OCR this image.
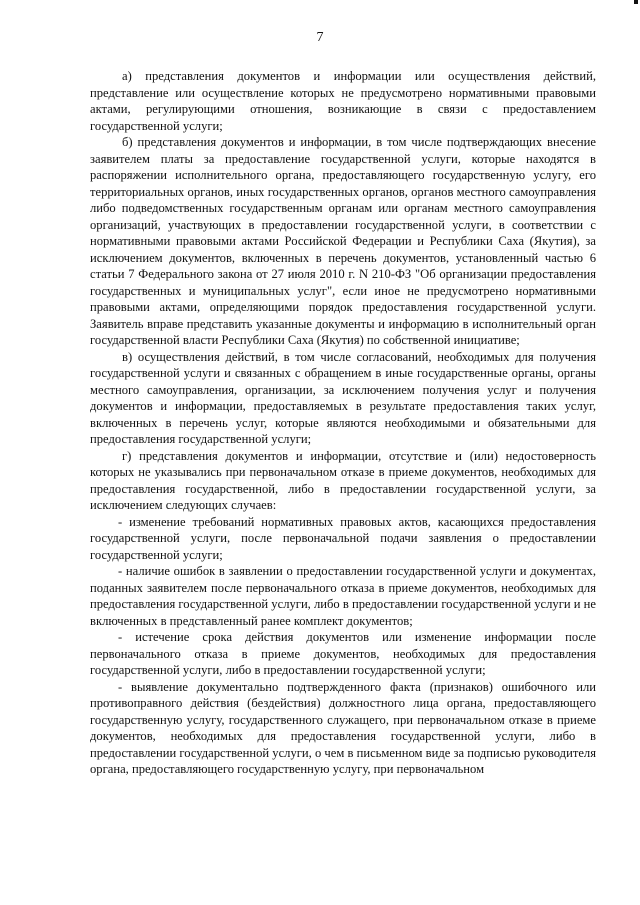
7

а) представления документов и информации или осуществления действий, представление или осуществление которых не предусмотрено нормативными правовыми актами, регулирующими отношения, возникающие в связи с предоставлением государственной услуги;

б) представления документов и информации, в том числе подтверждающих внесение заявителем платы за предоставление государственной услуги, которые находятся в распоряжении исполнительного органа, предоставляющего государственную услугу, его территориальных органов, иных государственных органов, органов местного самоуправления либо подведомственных государственным органам или органам местного самоуправления организаций, участвующих в предоставлении государственной услуги, в соответствии с нормативными правовыми актами Российской Федерации и Республики Саха (Якутия), за исключением документов, включенных в перечень документов, установленный частью 6 статьи 7 Федерального закона от 27 июля 2010 г. N 210-ФЗ "Об организации предоставления государственных и муниципальных услуг", если иное не предусмотрено нормативными правовыми актами, определяющими порядок предоставления государственной услуги. Заявитель вправе представить указанные документы и информацию в исполнительный орган государственной власти Республики Саха (Якутия) по собственной инициативе;

в) осуществления действий, в том числе согласований, необходимых для получения государственной услуги и связанных с обращением в иные государственные органы, органы местного самоуправления, организации, за исключением получения услуг и получения документов и информации, предоставляемых в результате предоставления таких услуг, включенных в перечень услуг, которые являются необходимыми и обязательными для предоставления государственной услуги;

г) представления документов и информации, отсутствие и (или) недостоверность которых не указывались при первоначальном отказе в приеме документов, необходимых для предоставления государственной, либо в предоставлении государственной услуги, за исключением следующих случаев:

- изменение требований нормативных правовых актов, касающихся предоставления государственной услуги, после первоначальной подачи заявления о предоставлении государственной услуги;

- наличие ошибок в заявлении о предоставлении государственной услуги и документах, поданных заявителем после первоначального отказа в приеме документов, необходимых для предоставления государственной услуги, либо в предоставлении государственной услуги и не включенных в представленный ранее комплект документов;

- истечение срока действия документов или изменение информации после первоначального отказа в приеме документов, необходимых для предоставления государственной услуги, либо в предоставлении государственной услуги;

- выявление документально подтвержденного факта (признаков) ошибочного или противоправного действия (бездействия) должностного лица органа, предоставляющего государственную услугу, государственного служащего, при первоначальном отказе в приеме документов, необходимых для предоставления государственной услуги, либо в предоставлении государственной услуги, о чем в письменном виде за подписью руководителя органа, предоставляющего государственную услугу, при первоначальном
